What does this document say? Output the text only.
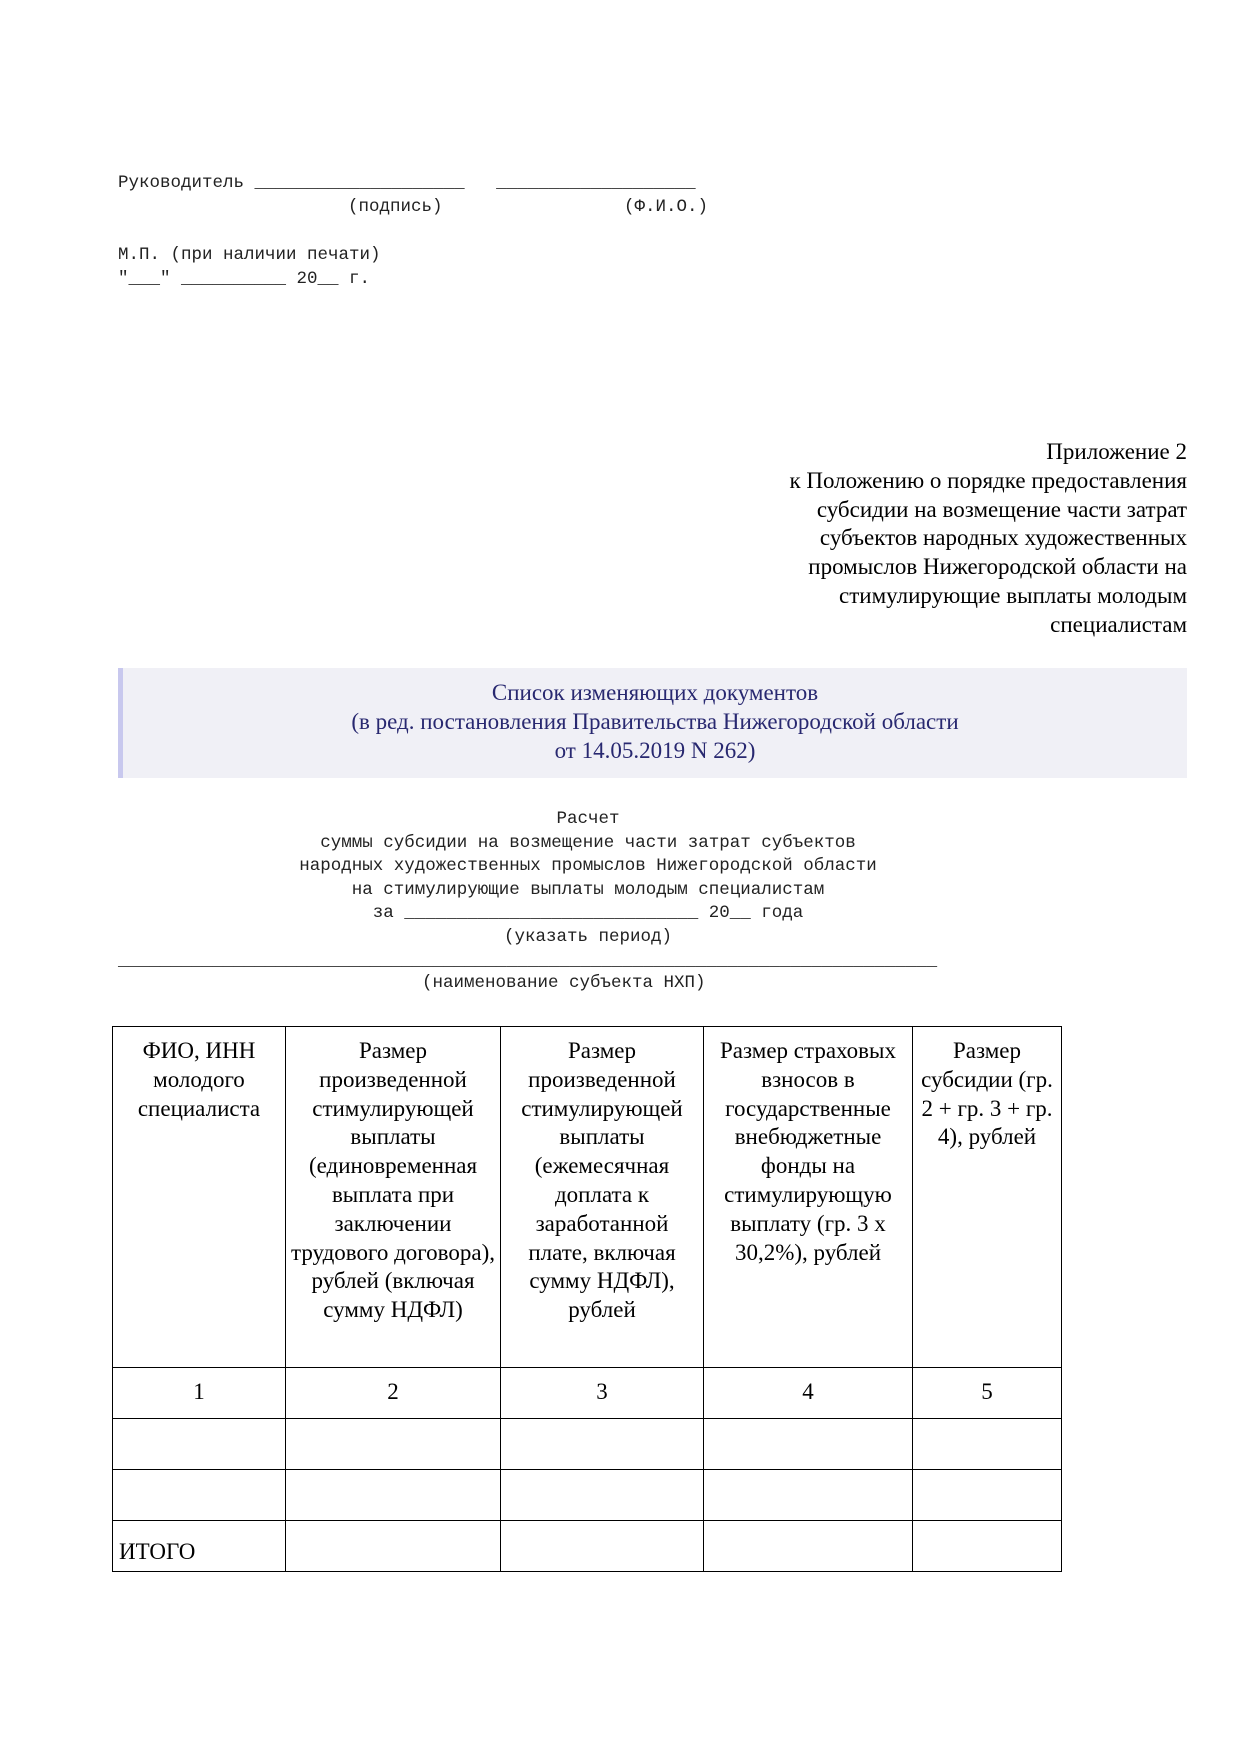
Руководитель ____________________ ___________________
(подпись)	(Ф.И.О.)
М.П. (при наличии печати)
"___" __________ 20__ г.
Приложение 2
к Положению о порядке предоставления
субсидии на возмещение части затрат
субъектов народных художественных
промыслов Нижегородской области на
стимулирующие выплаты молодым
специалистам
Список изменяющих документов
(в ред. постановления Правительства Нижегородской области
от 14.05.2019 N 262)
Расчет
суммы субсидии на возмещение части затрат субъектов
народных художественных промыслов Нижегородской области
на стимулирующие выплаты молодым специалистам
за ____________________________ 20__ года
(указать период)
______________________________________________________________________________
(наименование субъекта НХП)
ФИО, ИНН молодого специалиста	Размер произведенной стимулирующей выплаты (единовременная выплата при заключении трудового договора), рублей (включая сумму НДФЛ)	Размер произведенной стимулирующей выплаты (ежемесячная доплата к заработанной плате, включая сумму НДФЛ), рублей	Размер страховых взносов в государственные внебюджетные фонды на стимулирующую выплату (гр. 3 x 30,2%), рублей	Размер субсидии (гр. 2 + гр. 3 + гр. 4), рублей
1	2	3	4	5

ИТОГО				
